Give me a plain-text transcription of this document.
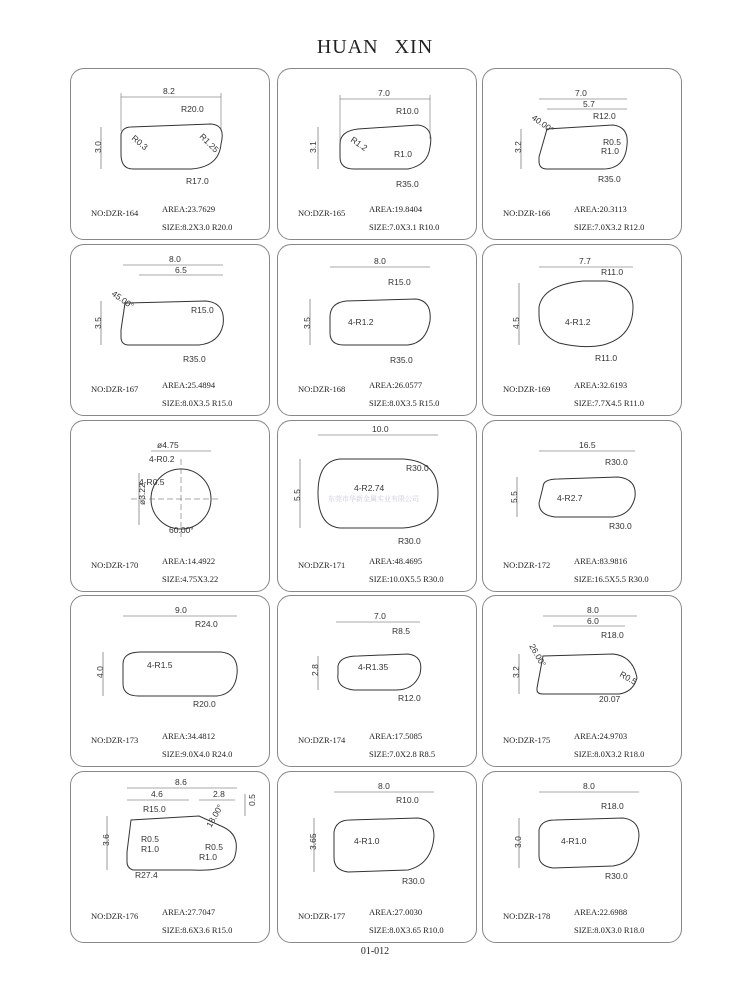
HUAN XIN
8.2
3.0
R20.0
R0.3	R1.25
R17.0
NO:DZR-164	AREA:23.7629
SIZE:8.2X3.0 R20.0
7.0
3.1
R10.0
R1.2
R1.0
R35.0
NO:DZR-165	AREA:19.8404
SIZE:7.0X3.1 R10.0
7.0
5.7
3.2
40.00°	R12.0
R0.5
R1.0
R35.0
NO:DZR-166	AREA:20.3113
SIZE:7.0X3.2 R12.0
8.0
6.5
3.5
45.00°	R15.0
R35.0
NO:DZR-167	AREA:25.4894
SIZE:8.0X3.5 R15.0
8.0
3.5
R15.0
4-R1.2
R35.0
NO:DZR-168	AREA:26.0577
SIZE:8.0X3.5 R15.0
7.7
4.5
R11.0
4-R1.2
R11.0
NO:DZR-169	AREA:32.6193
SIZE:7.7X4.5 R11.0
ø4.75
ø3.22
4-R0.2
4-R0.5
60.00°
NO:DZR-170	AREA:14.4922
SIZE:4.75X3.22
10.0
5.5
R30.0
4-R2.74
东莞市华新金属实业有限公司
R30.0
NO:DZR-171	AREA:48.4695
SIZE:10.0X5.5 R30.0
16.5
5.5
R30.0
4-R2.7
R30.0
NO:DZR-172	AREA:83.9816
SIZE:16.5X5.5 R30.0
9.0
4.0
R24.0
4-R1.5
R20.0
NO:DZR-173	AREA:34.4812
SIZE:9.0X4.0 R24.0
7.0
2.8
R8.5
4-R1.35
R12.0
NO:DZR-174	AREA:17.5085
SIZE:7.0X2.8 R8.5
8.0
6.0
3.2
26.00°
R18.0
R0.5
20.07
NO:DZR-175	AREA:24.9703
SIZE:8.0X3.2 R18.0
8.6
4.6	2.8
0.5
3.6
18.00°
R15.0
R0.5
R1.0	R0.5
R1.0
R27.4
NO:DZR-176	AREA:27.7047
SIZE:8.6X3.6 R15.0
8.0
3.65
R10.0
4-R1.0
R30.0
NO:DZR-177	AREA:27.0030
SIZE:8.0X3.65 R10.0
8.0
3.0
R18.0
4-R1.0
R30.0
NO:DZR-178	AREA:22.6988
SIZE:8.0X3.0 R18.0
01-012
